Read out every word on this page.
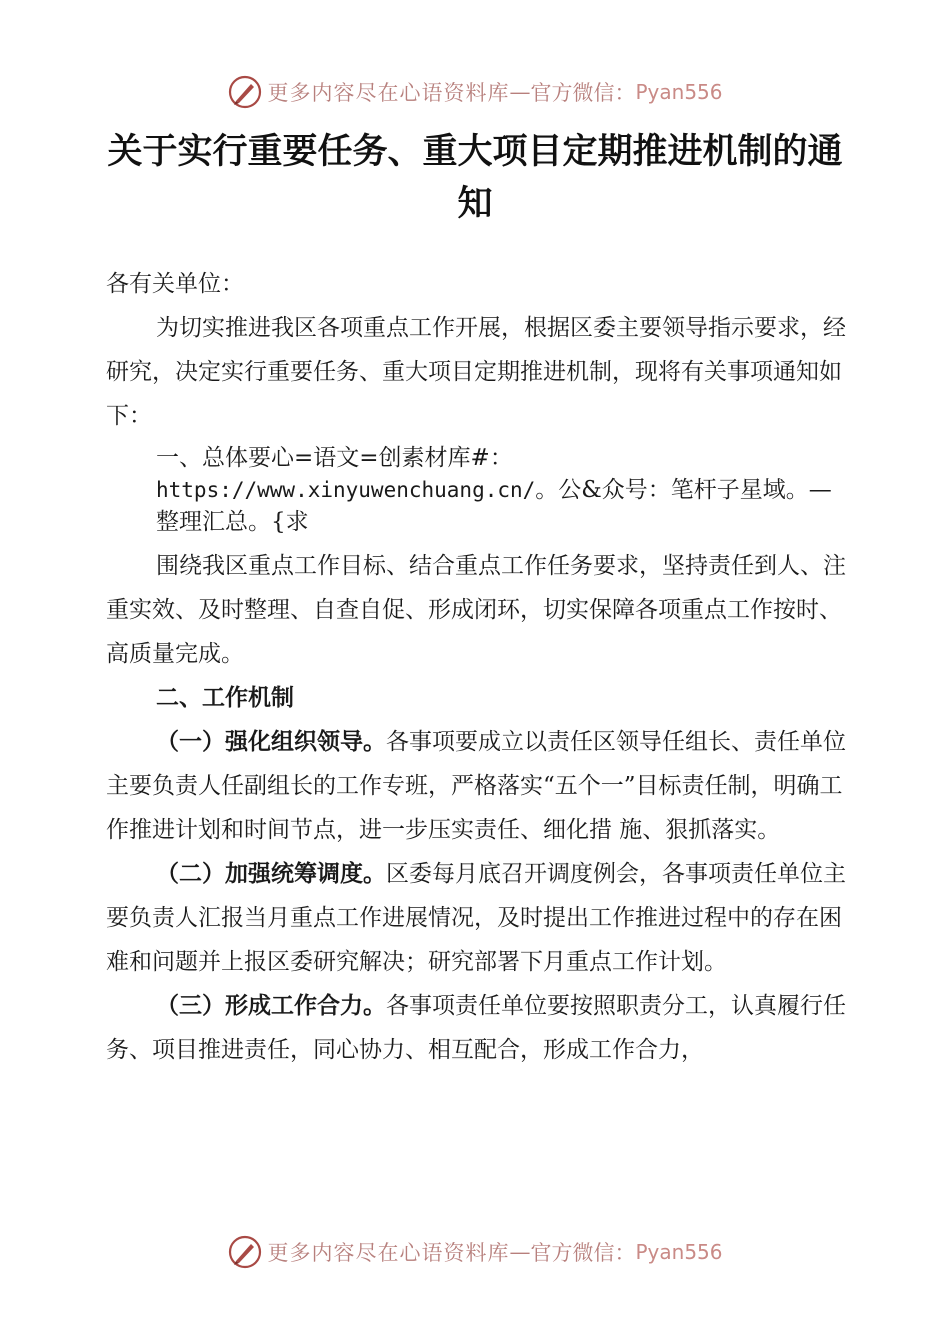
更多内容尽在心语资料库 — 官方微信： Pyan556
关于实行重要任务、重大项目定期推进机制的通知

各有关单位：

为切实推进我区各项重点工作开展，根据区委主要领导指示要求，经研究，决定实行重要任务、重大项目定期推进机制，现将有关事项通知如下：

一、总体要心=语文=创素材库#：https://www.xinyuwenchuang.cn/。公&众号：笔杆子星域。—整理汇总。{求

围绕我区重点工作目标、结合重点工作任务要求，坚持责任到人、注重实效、及时整理、自查自促、形成闭环，切实保障各项重点工作按时、高质量完成。

二、工作机制

（一）强化组织领导。各事项要成立以责任区领导任组长、责任单位主要负责人任副组长的工作专班，严格落实“五个一”目标责任制，明确工作推进计划和时间节点，进一步压实责任、细化措 施、狠抓落实。

（二）加强统筹调度。区委每月底召开调度例会，各事项责任单位主要负责人汇报当月重点工作进展情况，及时提出工作推进过程中的存在困难和问题并上报区委研究解决；研究部署下月重点工作计划。

（三）形成工作合力。各事项责任单位要按照职责分工，认真履行任务、项目推进责任，同心协力、相互配合，形成工作合力，

更多内容尽在心语资料库 — 官方微信： Pyan556
